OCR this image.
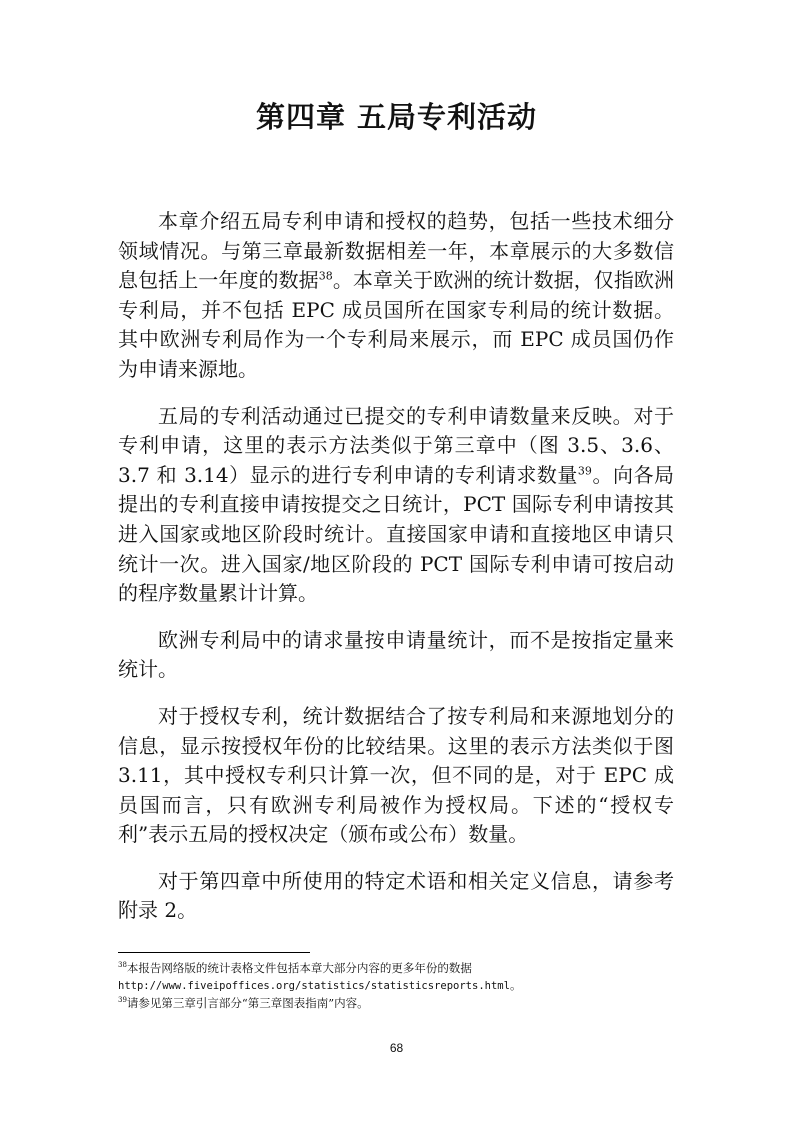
第四章 五局专利活动

本章介绍五局专利申请和授权的趋势，包括一些技术细分领域情况。与第三章最新数据相差一年，本章展示的大多数信息包括上一年度的数据$^{38}$。本章关于欧洲的统计数据，仅指欧洲专利局，并不包括 EPC 成员国所在国家专利局的统计数据。其中欧洲专利局作为一个专利局来展示，而 EPC 成员国仍作为申请来源地。

五局的专利活动通过已提交的专利申请数量来反映。对于专利申请，这里的表示方法类似于第三章中（图 3.5、3.6、3.7 和 3.14）显示的进行专利申请的专利请求数量$^{39}$。向各局提出的专利直接申请按提交之日统计，PCT 国际专利申请按其进入国家或地区阶段时统计。直接国家申请和直接地区申请只统计一次。进入国家/地区阶段的 PCT 国际专利申请可按启动的程序数量累计计算。

欧洲专利局中的请求量按申请量统计，而不是按指定量来统计。

对于授权专利，统计数据结合了按专利局和来源地划分的信息，显示按授权年份的比较结果。这里的表示方法类似于图 3.11，其中授权专利只计算一次，但不同的是，对于 EPC 成员国而言，只有欧洲专利局被作为授权局。下述的“授权专利”表示五局的授权决定（颁布或公布）数量。

对于第四章中所使用的特定术语和相关定义信息，请参考附录 2。

$^{38}$本报告网络版的统计表格文件包括本章大部分内容的更多年份的数据
http://www.fiveipoffices.org/statistics/statisticsreports.html。

$^{39}$请参见第三章引言部分“第三章图表指南”内容。

68
